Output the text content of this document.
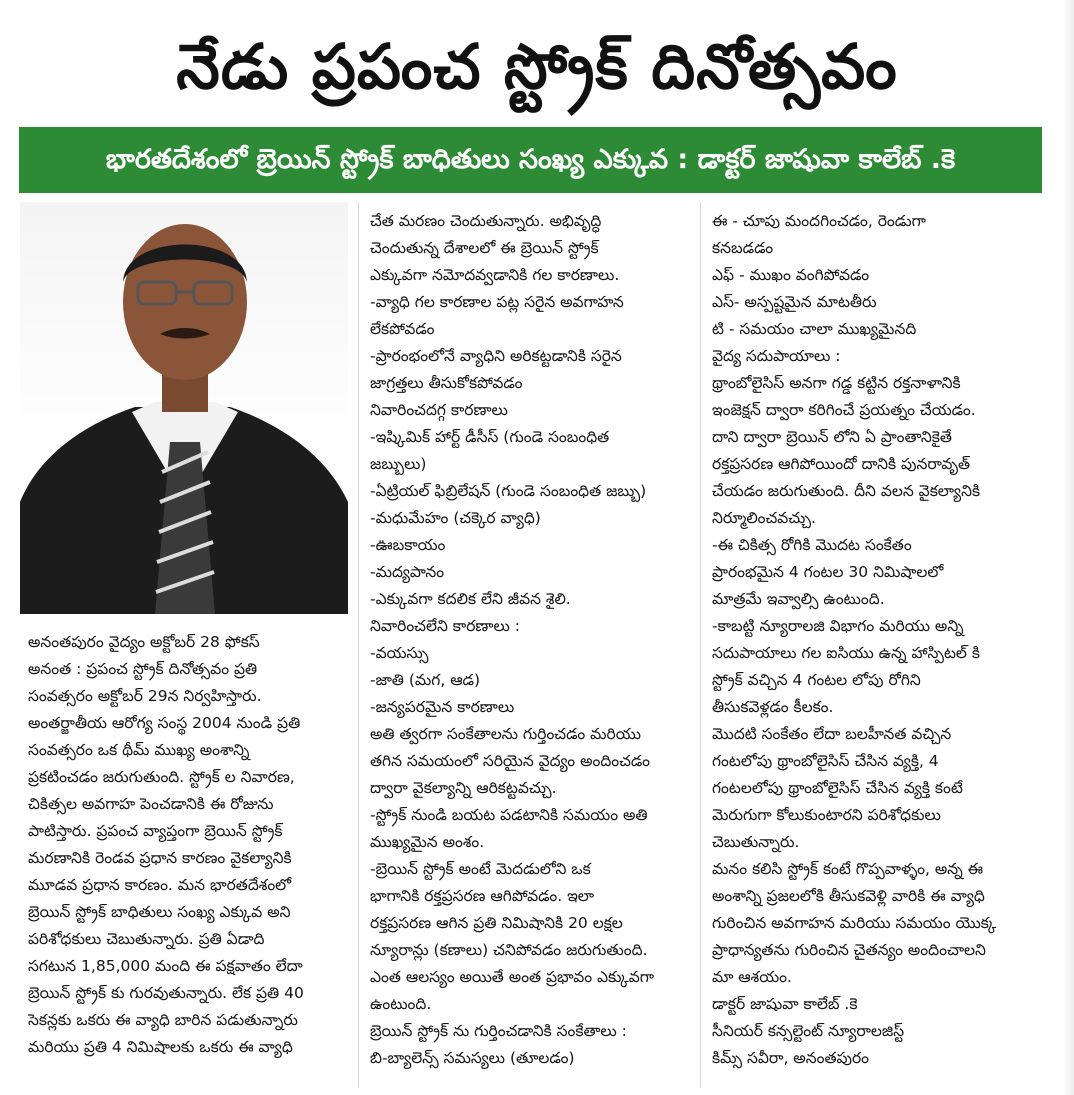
నేడు ప్రపంచ స్ట్రోక్ దినోత్సవం
భారతదేశంలో బ్రెయిన్ స్ట్రోక్ బాధితులు సంఖ్య ఎక్కువ : డాక్టర్ జాషువా కాలేబ్ .కె

అనంతపురం వైద్యం అక్టోబర్ 28 ఫోకస్

అనంత : ప్రపంచ స్ట్రోక్ దినోత్సవం ప్రతి

సంవత్సరం అక్టోబర్ 29న నిర్వహిస్తారు.

అంతర్జాతీయ ఆరోగ్య సంస్థ 2004 నుండి ప్రతి

సంవత్సరం ఒక థీమ్ ముఖ్య అంశాన్ని

ప్రకటించడం జరుగుతుంది. స్ట్రోక్ ల నివారణ,

చికిత్సల అవగాహ పెంచడానికి ఈ రోజును

పాటిస్తారు. ప్రపంచ వ్యాప్తంగా బ్రెయిన్ స్ట్రోక్

మరణానికి రెండవ ప్రధాన కారణం వైకల్యానికి

మూడవ ప్రధాన కారణం. మన భారతదేశంలో

బ్రెయిన్ స్ట్రోక్ బాధితులు సంఖ్య ఎక్కువ అని

పరిశోధకులు చెబుతున్నారు. ప్రతి ఏడాది

సగటున 1,85,000 మంది ఈ పక్షవాతం లేదా

బ్రెయిన్ స్ట్రోక్ కు గురవుతున్నారు. లేక ప్రతి 40

సెకన్లకు ఒకరు ఈ వ్యాధి బారిన పడుతున్నారు

మరియు ప్రతి 4 నిమిషాలకు ఒకరు ఈ వ్యాధి

చేత మరణం చెందుతున్నారు. అభివృద్ధి

చెందుతున్న దేశాలలో ఈ బ్రెయిన్ స్ట్రోక్

ఎక్కువగా నమోదవ్వడానికి గల కారణాలు.

-వ్యాధి గల కారణాల పట్ల సరైన అవగాహన

లేకపోవడం

-ప్రారంభంలోనే వ్యాధిని అరికట్టడానికి సరైన

జాగ్రత్తలు తీసుకోకపోవడం

నివారించదగ్గ కారణాలు

-ఇష్కిమిక్ హార్ట్ డీసీస్ (గుండె సంబంధిత

జబ్బులు)

-ఏట్రియల్ ఫిబ్రిలేషన్ (గుండె సంబంధిత జబ్బు)

-మధుమేహం (చక్కెర వ్యాధి)

-ఊబకాయం

-మద్యపానం

-ఎక్కువగా కదలిక లేని జీవన శైలి.

నివారించలేని కారణాలు :

-వయస్సు

-జాతి (మగ, ఆడ)

-జన్యపరమైన కారణాలు

అతి త్వరగా సంకేతాలను గుర్తించడం మరియు

తగిన సమయంలో సరియైన వైద్యం అందించడం

ద్వారా వైకల్యాన్ని ఆరికట్టవచ్చు.

-స్ట్రోక్ నుండి బయట పడటానికి సమయం అతి

ముఖ్యమైన అంశం.

-బ్రెయిన్ స్ట్రోక్ అంటే మెదడులోని ఒక

భాగానికి రక్తప్రసరణ ఆగిపోవడం. ఇలా

రక్తప్రసరణ ఆగిన ప్రతి నిమిషానికి 20 లక్షల

న్యూరాన్లు (కణాలు) చనిపోవడం జరుగుతుంది.

ఎంత ఆలస్యం అయితే అంత ప్రభావం ఎక్కువగా

ఉంటుంది.

బ్రెయిన్ స్ట్రోక్ ను గుర్తించడానికి సంకేతాలు :

బి-బ్యాలెన్స్ సమస్యలు (తూలడం)

ఈ - చూపు మందగించడం, రెండుగా

కనబడడం

ఎఫ్ - ముఖం వంగిపోవడం

ఎస్- అస్పష్టమైన మాటతీరు

టి - సమయం చాలా ముఖ్యమైనది

వైద్య సదుపాయాలు :

థ్రాంబోలైసిస్ అనగా గడ్డ కట్టిన రక్తనాళానికి

ఇంజెక్షన్ ద్వారా కరిగించే ప్రయత్నం చేయడం.

దాని ద్వారా బ్రెయిన్ లోని ఏ ప్రాంతానికైతే

రక్తప్రసరణ ఆగిపోయిందో దానికి పునరావృత్

చేయడం జరుగుతుంది. దీని వలన వైకల్యానికి

నిర్మూలించవచ్చు.

-ఈ చికిత్స రోగికి మొదట సంకేతం

ప్రారంభమైన 4 గంటల 30 నిమిషాలలో

మాత్రమే ఇవ్వాల్సి ఉంటుంది.

-కాబట్టి న్యూరాలజి విభాగం మరియు అన్ని

సదుపాయాలు గల ఐసియు ఉన్న హాస్పిటల్ కి

స్ట్రోక్ వచ్చిన 4 గంటల లోపు రోగిని

తీసుకవెళ్లడం కీలకం.

మొదటి సంకేతం లేదా బలహీనత వచ్చిన

గంటలోపు థ్రాంబోలైసిస్ చేసిన వ్యక్తి, 4

గంటలలోపు థ్రాంబోలైసిస్ చేసిన వ్యక్తి కంటే

మెరుగుగా కోలుకుంటారని పరిశోధకులు

చెబుతున్నారు.

మనం కలిసి స్ట్రోక్ కంటే గొప్పవాళ్ళం, అన్న ఈ

అంశాన్ని ప్రజలలోకి తీసుకవెళ్లి వారికి ఈ వ్యాధి

గురించిన అవగాహన మరియు సమయం యొక్క

ప్రాధాన్యతను గురించిన చైతన్యం అందించాలని

మా ఆశయం.

డాక్టర్ జాషువా కాలేబ్ .కె

సీనియర్ కన్సల్టెంట్ న్యూరాలజిస్ట్

కిమ్స్ సవీరా, అనంతపురం
